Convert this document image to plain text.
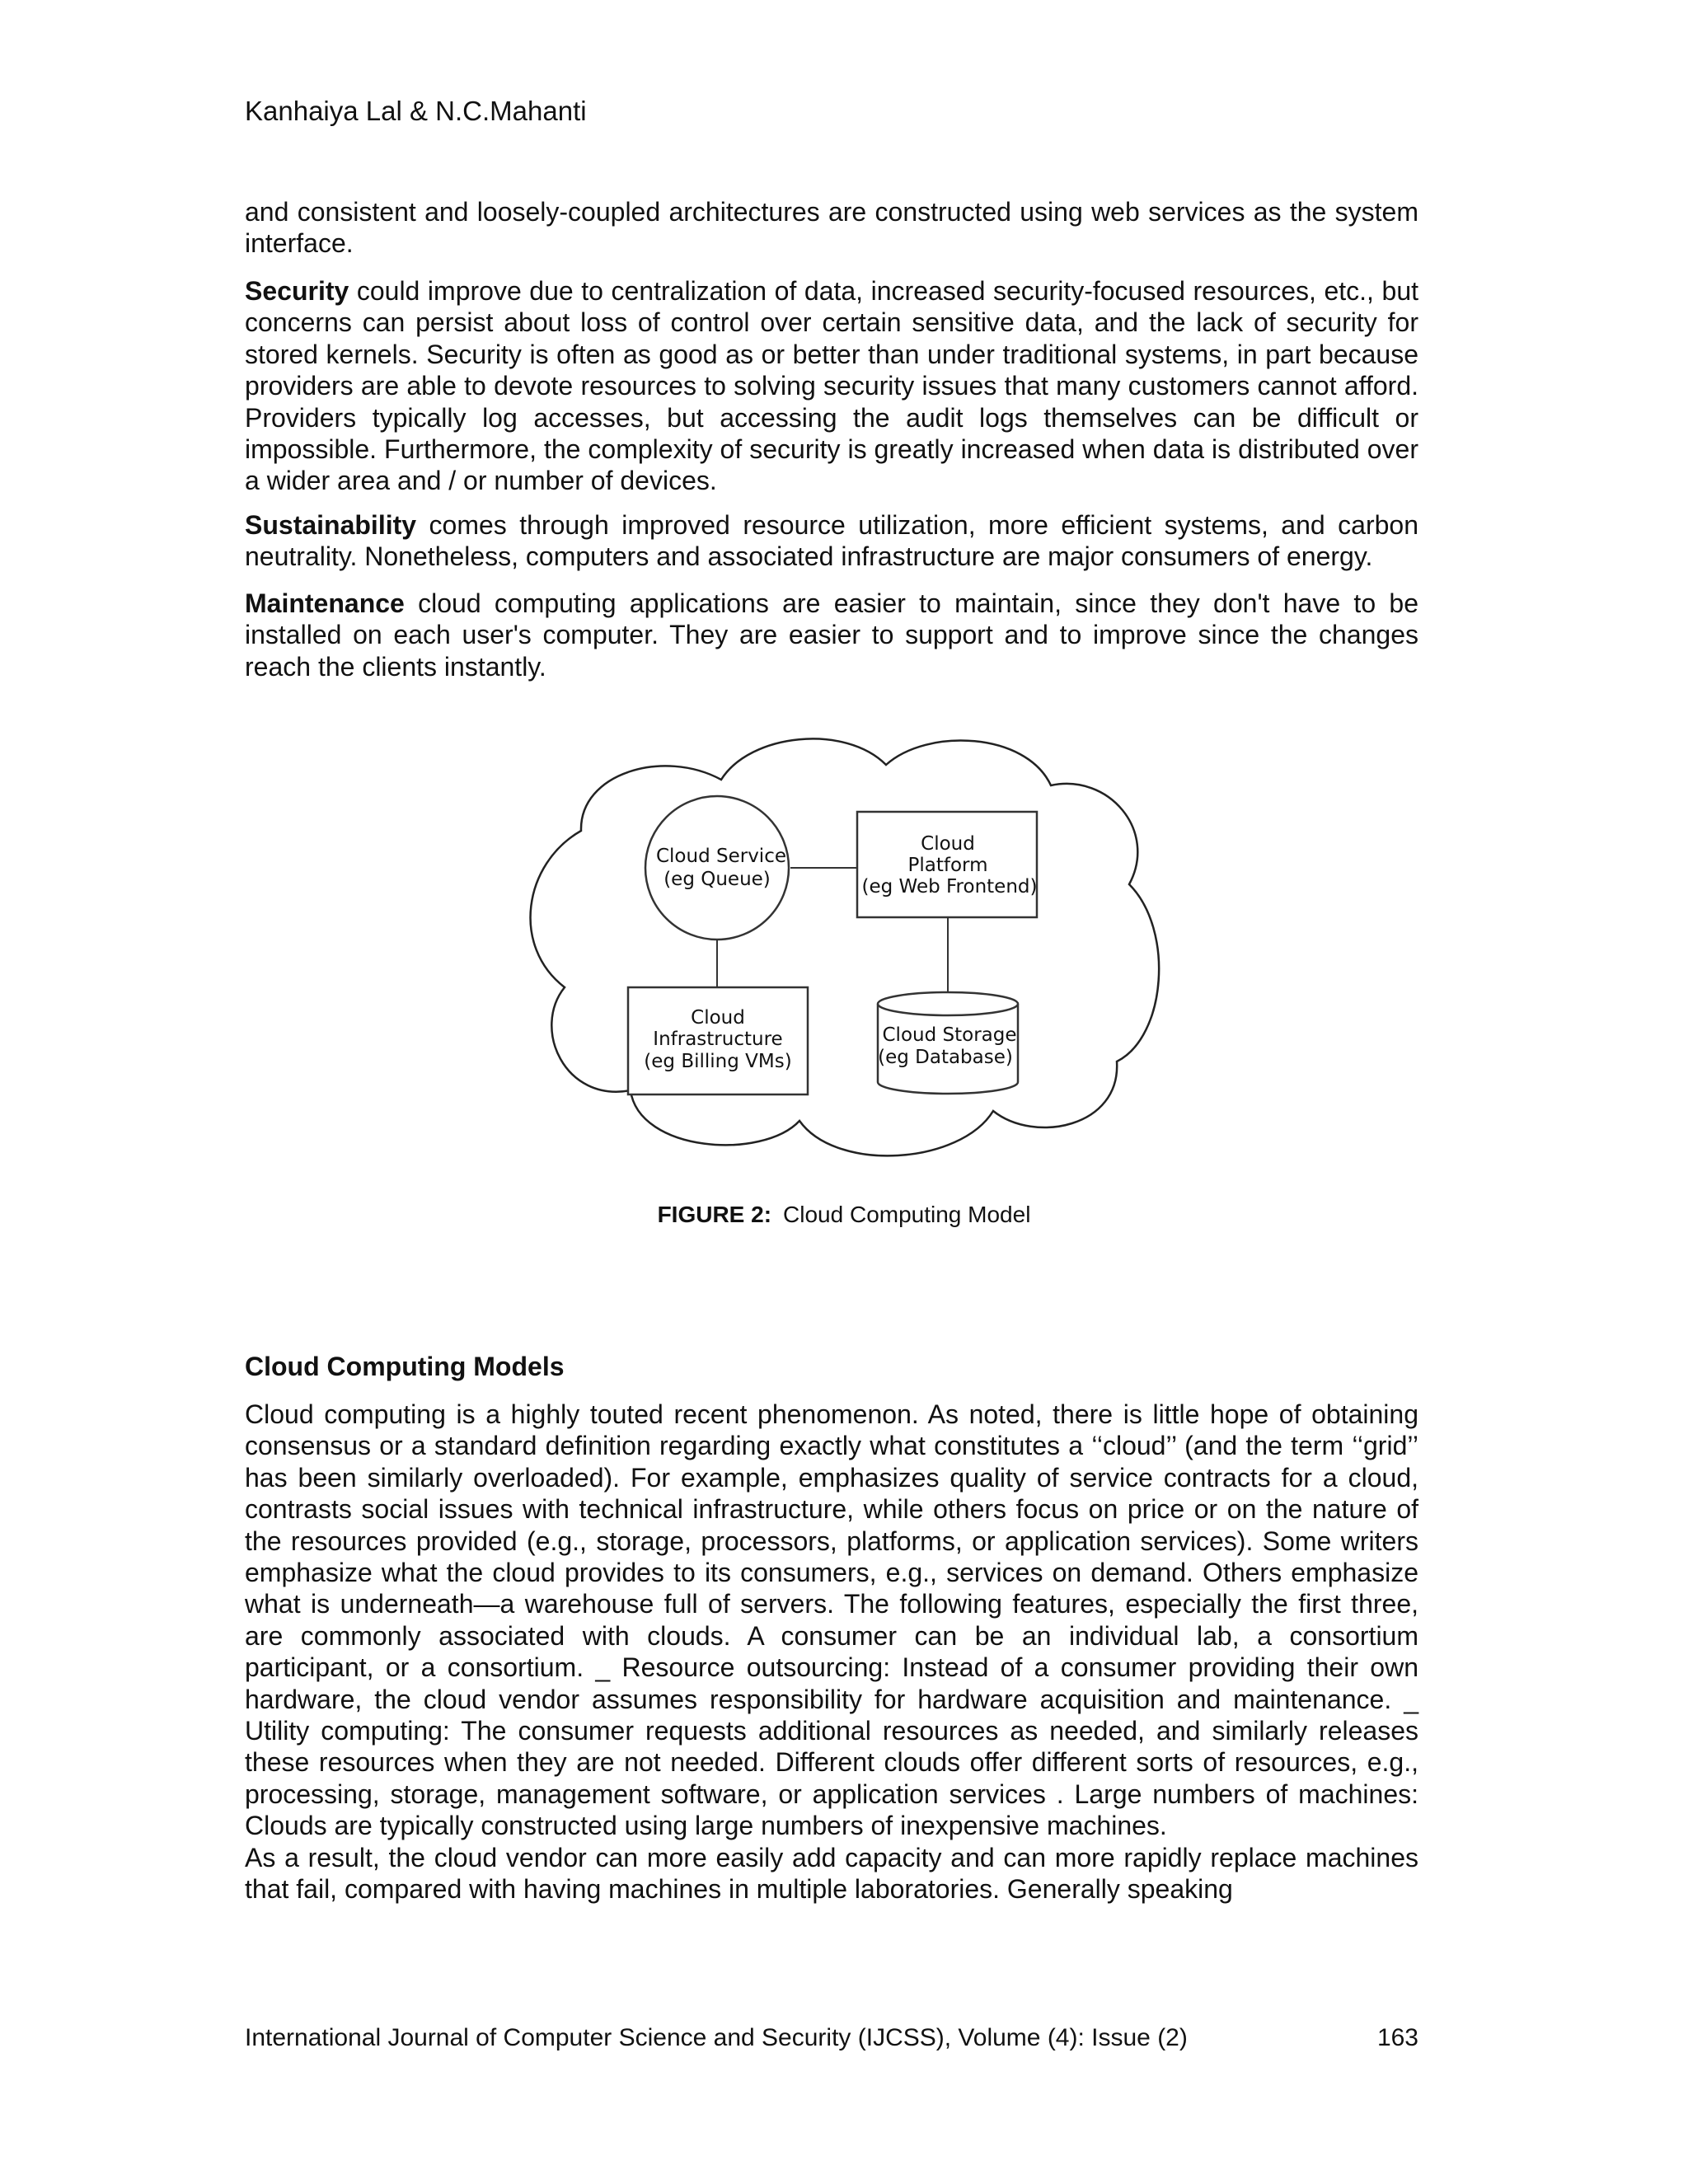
Kanhaiya Lal & N.C.Mahanti

and consistent and loosely-coupled architectures are constructed using web services as the system interface.

Security could improve due to centralization of data, increased security-focused resources, etc., but concerns can persist about loss of control over certain sensitive data, and the lack of security for stored kernels. Security is often as good as or better than under traditional systems, in part because providers are able to devote resources to solving security issues that many customers cannot afford. Providers typically log accesses, but accessing the audit logs themselves can be difficult or impossible. Furthermore, the complexity of security is greatly increased when data is distributed over a wider area and / or number of devices.

Sustainability comes through improved resource utilization, more efficient systems, and carbon neutrality. Nonetheless, computers and associated infrastructure are major consumers of energy.

Maintenance cloud computing applications are easier to maintain, since they don't have to be installed on each user's computer. They are easier to support and to improve since the changes reach the clients instantly.

Cloud Service
(eg Queue)
Cloud
Platform
(eg Web Frontend)
Cloud
Infrastructure
(eg Billing VMs)
Cloud Storage
(eg Database)

FIGURE 2: Cloud Computing Model

Cloud Computing Models

Cloud computing is a highly touted recent phenomenon. As noted, there is little hope of obtaining consensus or a standard definition regarding exactly what constitutes a ‘‘cloud’’ (and the term ‘‘grid’’ has been similarly overloaded). For example, emphasizes quality of service contracts for a cloud, contrasts social issues with technical infrastructure, while others focus on price or on the nature of the resources provided (e.g., storage, processors, platforms, or application services). Some writers emphasize what the cloud provides to its consumers, e.g., services on demand. Others emphasize what is underneath—a warehouse full of servers. The following features, especially the first three, are commonly associated with clouds. A consumer can be an individual lab, a consortium participant, or a consortium. _ Resource outsourcing: Instead of a consumer providing their own hardware, the cloud vendor assumes responsibility for hardware acquisition and maintenance. _ Utility computing: The consumer requests additional resources as needed, and similarly releases these resources when they are not needed. Different clouds offer different sorts of resources, e.g., processing, storage, management software, or application services . Large numbers of machines: Clouds are typically constructed using large numbers of inexpensive machines.
As a result, the cloud vendor can more easily add capacity and can more rapidly replace machines that fail, compared with having machines in multiple laboratories. Generally speaking

International Journal of Computer Science and Security (IJCSS), Volume (4): Issue (2)	163
